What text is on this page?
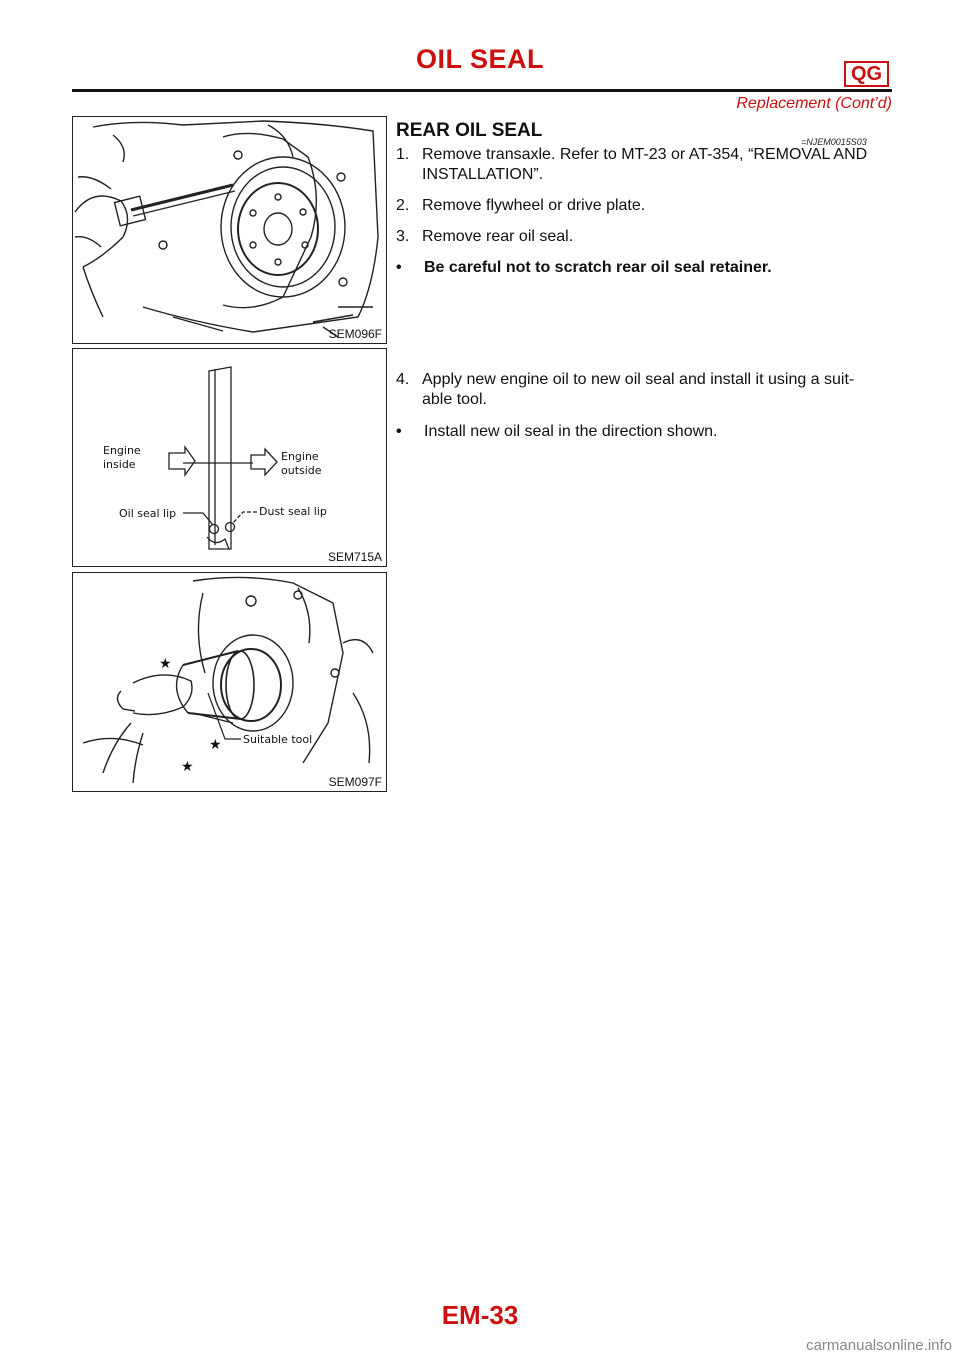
OIL SEAL	QG
Replacement (Cont’d)
SEM096F
Engine
inside
Engine
outside
Oil seal lip	Dust seal lip
SEM715A
★
★
★
Suitable tool
SEM097F
REAR OIL SEAL
=NJEM0015S03
1. Remove transaxle. Refer to MT-23 or AT-354, “REMOVAL AND
INSTALLATION”.
2. Remove flywheel or drive plate.
3. Remove rear oil seal.
• Be careful not to scratch rear oil seal retainer.
4. Apply new engine oil to new oil seal and install it using a suit-
able tool.
• Install new oil seal in the direction shown.
EM-33
carmanualsonline.info
